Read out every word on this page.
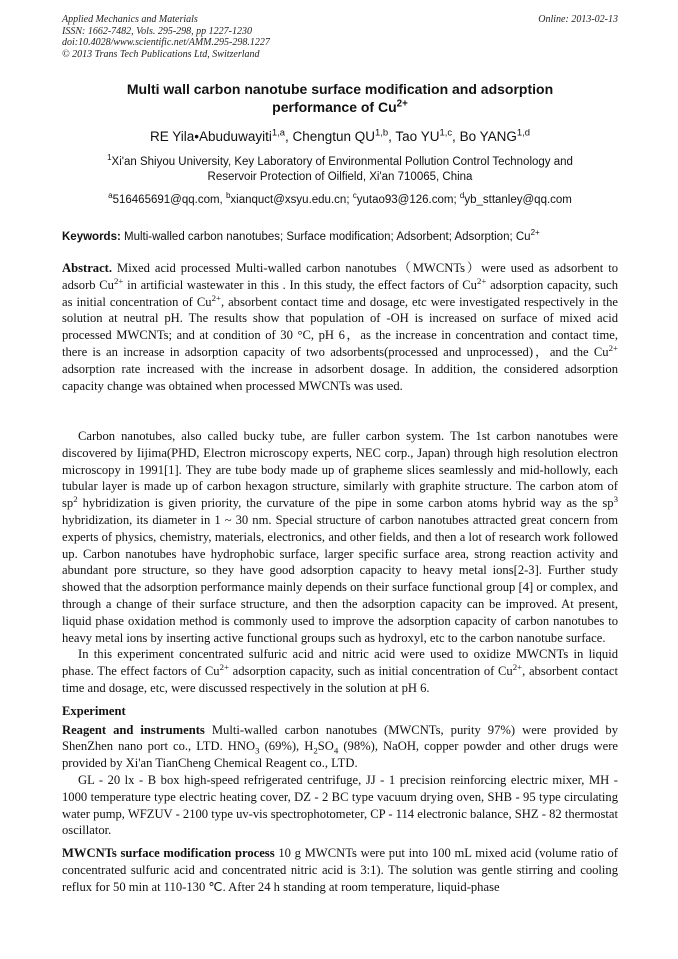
Applied Mechanics and Materials
ISSN: 1662-7482, Vols. 295-298, pp 1227-1230
doi:10.4028/www.scientific.net/AMM.295-298.1227
© 2013 Trans Tech Publications Ltd, Switzerland
Online: 2013-02-13
Multi wall carbon nanotube surface modification and adsorption
performance of $Cu^{2+}$
RE Yila•Abuduwayiti$^{1,a}$, Chengtun QU$^{1,b}$, Tao YU$^{1,c}$, Bo YANG$^{1,d}$
$^1$Xi'an Shiyou University, Key Laboratory of Environmental Pollution Control Technology and
Reservoir Protection of Oilfield, Xi'an 710065, China
$^a$516465691@qq.com, $^b$xianquct@xsyu.edu.cn; $^c$yutao93@126.com; $^d$yb_sttanley@qq.com
Keywords: Multi-walled carbon nanotubes; Surface modification; Adsorbent; Adsorption; $Cu^{2+}$

Abstract. Mixed acid processed Multi-walled carbon nanotubes（MWCNTs）were used as adsorbent to adsorb $Cu^{2+}$ in artificial wastewater in this . In this study, the effect factors of $Cu^{2+}$ adsorption capacity, such as initial concentration of $Cu^{2+}$, absorbent contact time and dosage, etc were investigated respectively in the solution at neutral pH. The results show that population of -OH is increased on surface of mixed acid processed MWCNTs; and at condition of 30 °C, pH 6，as the increase in concentration and contact time, there is an increase in adsorption capacity of two adsorbents(processed and unprocessed)，and the $Cu^{2+}$ adsorption rate increased with the increase in adsorbent dosage. In addition, the considered adsorption capacity change was obtained when processed MWCNTs was used.

Carbon nanotubes, also called bucky tube, are fuller carbon system. The 1st carbon nanotubes were discovered by Iijima(PHD, Electron microscopy experts, NEC corp., Japan) through high resolution electron microscopy in 1991[1]. They are tube body made up of grapheme slices seamlessly and mid-hollowly, each tubular layer is made up of carbon hexagon structure, similarly with graphite structure. The carbon atom of $sp^2$ hybridization is given priority, the curvature of the pipe in some carbon atoms hybrid way as the $sp^3$ hybridization, its diameter in 1 ~ 30 nm. Special structure of carbon nanotubes attracted great concern from experts of physics, chemistry, materials, electronics, and other fields, and then a lot of research work followed up. Carbon nanotubes have hydrophobic surface, larger specific surface area, strong reaction activity and abundant pore structure, so they have good adsorption capacity to heavy metal ions[2-3]. Further study showed that the adsorption performance mainly depends on their surface functional group [4] or complex, and through a change of their surface structure, and then the adsorption capacity can be improved. At present, liquid phase oxidation method is commonly used to improve the adsorption capacity of carbon nanotubes to heavy metal ions by inserting active functional groups such as hydroxyl, etc to the carbon nanotube surface.

In this experiment concentrated sulfuric acid and nitric acid were used to oxidize MWCNTs in liquid phase. The effect factors of $Cu^{2+}$ adsorption capacity, such as initial concentration of $Cu^{2+}$, absorbent contact time and dosage, etc, were discussed respectively in the solution at pH 6.

Experiment

Reagent and instruments Multi-walled carbon nanotubes (MWCNTs, purity 97%) were provided by ShenZhen nano port co., LTD. $HNO_3$ (69%), $H_2SO_4$ (98%), NaOH, copper powder and other drugs were provided by Xi'an TianCheng Chemical Reagent co., LTD.

GL - 20 lx - B box high-speed refrigerated centrifuge, JJ - 1 precision reinforcing electric mixer, MH - 1000 temperature type electric heating cover, DZ - 2 BC type vacuum drying oven, SHB - 95 type circulating water pump, WFZUV - 2100 type uv-vis spectrophotometer, CP - 114 electronic balance, SHZ - 82 thermostat oscillator.

MWCNTs surface modification process 10 g MWCNTs were put into 100 mL mixed acid (volume ratio of concentrated sulfuric acid and concentrated nitric acid is 3:1). The solution was gentle stirring and cooling reflux for 50 min at 110-130 ℃. After 24 h standing at room temperature, liquid-phase
